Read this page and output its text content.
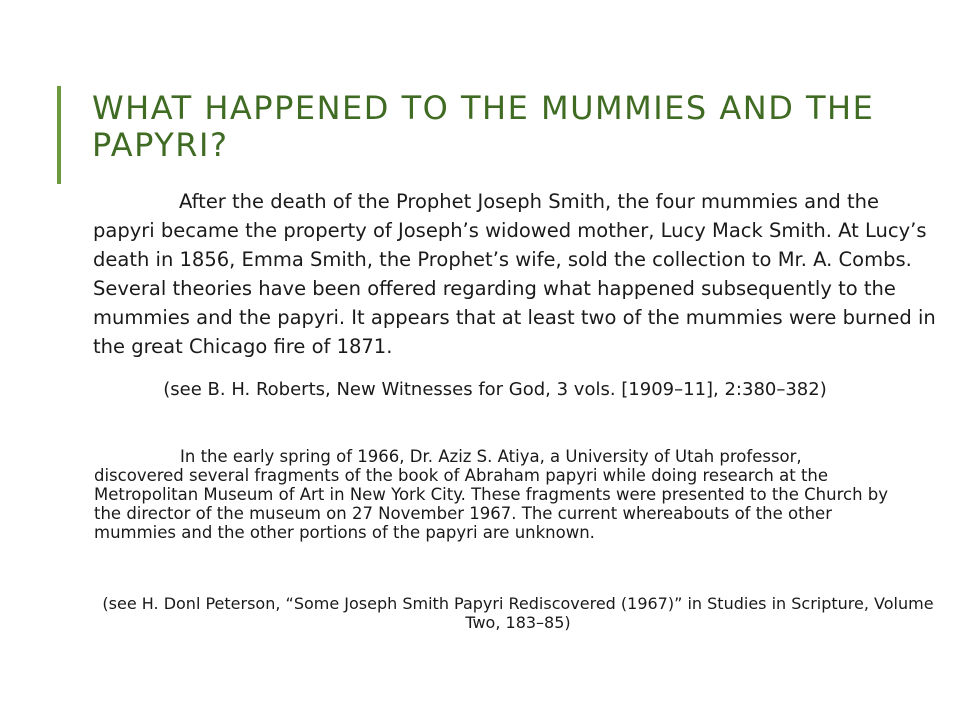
WHAT HAPPENED TO THE MUMMIES AND THE PAPYRI?

After the death of the Prophet Joseph Smith, the four mummies and the papyri became the property of Joseph’s widowed mother, Lucy Mack Smith. At Lucy’s death in 1856, Emma Smith, the Prophet’s wife, sold the collection to Mr. A. Combs. Several theories have been offered regarding what happened subsequently to the mummies and the papyri. It appears that at least two of the mummies were burned in the great Chicago fire of 1871.

(see B. H. Roberts, New Witnesses for God, 3 vols. [1909–11], 2:380–382)

In the early spring of 1966, Dr. Aziz S. Atiya, a University of Utah professor, discovered several fragments of the book of Abraham papyri while doing research at the Metropolitan Museum of Art in New York City. These fragments were presented to the Church by the director of the museum on 27 November 1967. The current whereabouts of the other mummies and the other portions of the papyri are unknown.

(see H. Donl Peterson, “Some Joseph Smith Papyri Rediscovered (1967)” in Studies in Scripture, Volume Two, 183–85)
